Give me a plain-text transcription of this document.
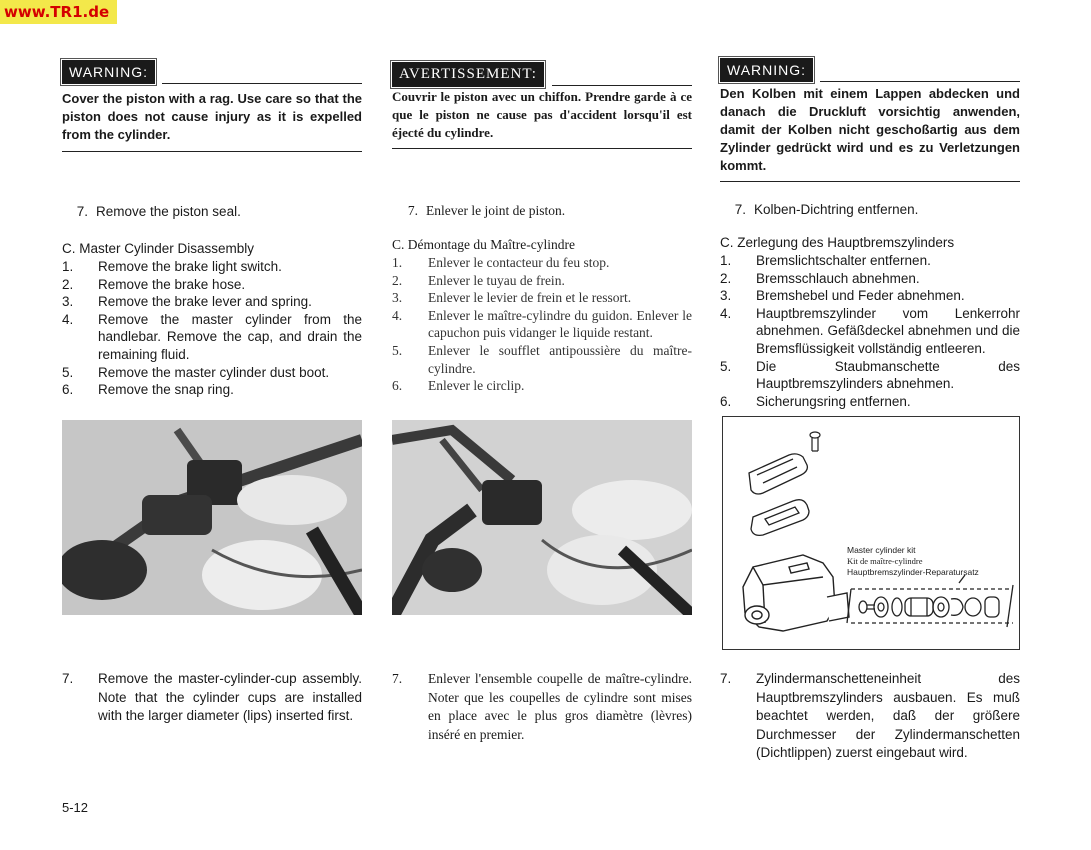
www.TR1.de
WARNING:
Cover the piston with a rag. Use care so that the piston does not cause injury as it is expelled from the cylinder.
7. Remove the piston seal.
C. Master Cylinder Disassembly
1.	Remove the brake light switch.
2.	Remove the brake hose.
3.	Remove the brake lever and spring.
4.	Remove the master cylinder from the handlebar. Remove the cap, and drain the remaining fluid.
5.	Remove the master cylinder dust boot.
6.	Remove the snap ring.
7.	Remove the master-cylinder-cup assembly. Note that the cylinder cups are installed with the larger diameter (lips) inserted first.
AVERTISSEMENT:
Couvrir le piston avec un chiffon. Prendre garde à ce que le piston ne cause pas d'accident lorsqu'il est éjecté du cylindre.
7. Enlever le joint de piston.
C. Démontage du Maître-cylindre
1.	Enlever le contacteur du feu stop.
2.	Enlever le tuyau de frein.
3.	Enlever le levier de frein et le ressort.
4.	Enlever le maître-cylindre du guidon. Enlever le capuchon puis vidanger le liquide restant.
5.	Enlever le soufflet antipoussière du maître-cylindre.
6.	Enlever le circlip.
7.	Enlever l'ensemble coupelle de maître-cylindre. Noter que les coupelles de cylindre sont mises en place avec le plus gros diamètre (lèvres) inséré en premier.
WARNING:
Den Kolben mit einem Lappen abdecken und danach die Druckluft vorsichtig anwenden, damit der Kolben nicht geschoßartig aus dem Zylinder gedrückt wird und es zu Verletzungen kommt.
7. Kolben-Dichtring entfernen.
C. Zerlegung des Hauptbremszylinders
1.	Bremslichtschalter entfernen.
2.	Bremsschlauch abnehmen.
3.	Bremshebel und Feder abnehmen.
4.	Hauptbremszylinder vom Lenkerrohr abnehmen. Gefäßdeckel abnehmen und die Bremsflüssigkeit vollständig entleeren.
5.	Die Staubmanschette des Hauptbremszylinders abnehmen.
6.	Sicherungsring entfernen.
7.	Zylindermanschetteneinheit des Hauptbremszylinders ausbauen. Es muß beachtet werden, daß der größere Durchmesser der Zylindermanschetten (Dichtlippen) zuerst eingebaut wird.
Master cylinder kit
Kit de maître-cylindre
Hauptbremszylinder-Reparatursatz
5-12
